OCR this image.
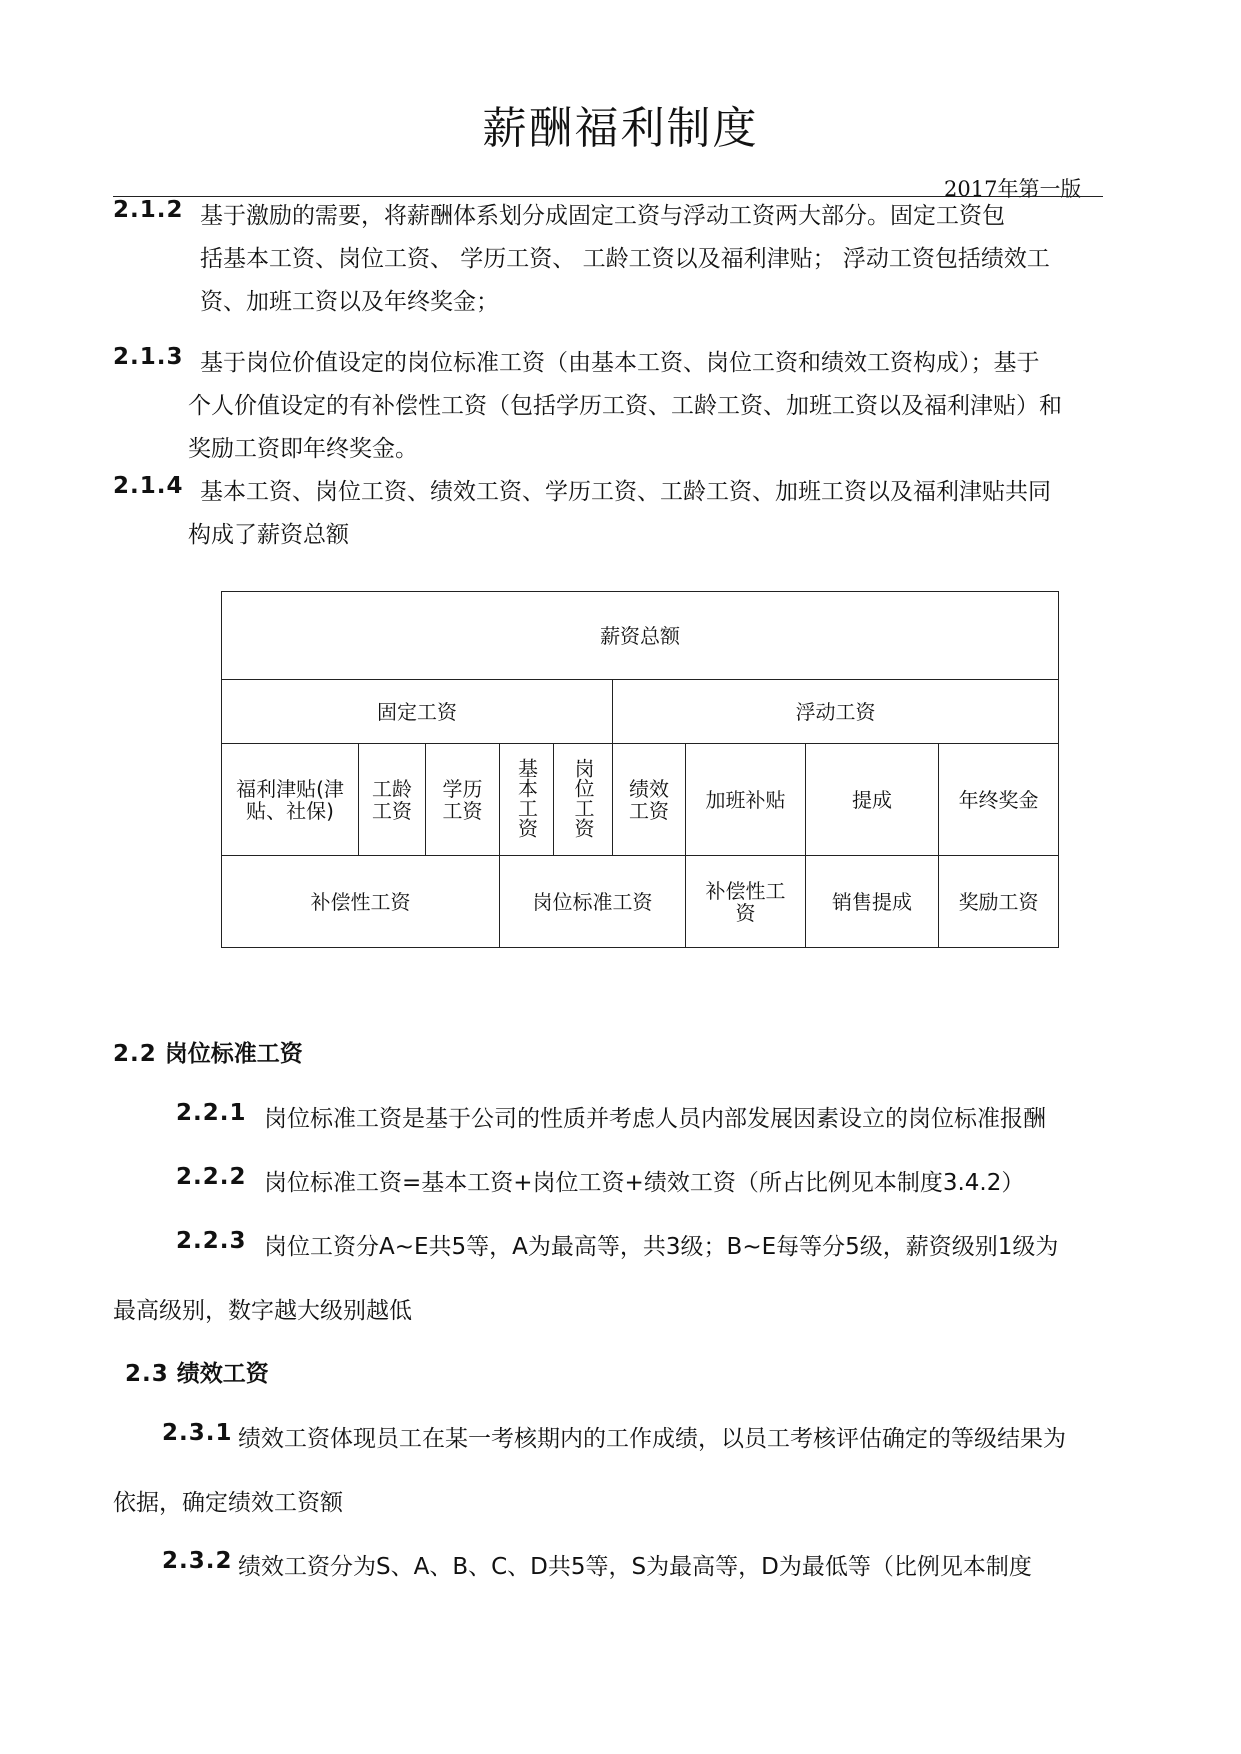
薪酬福利制度
2017年第一版
2.1.2 基于激励的需要，将薪酬体系划分成固定工资与浮动工资两大部分。固定工资包
括基本工资、岗位工资、 学历工资、 工龄工资以及福利津贴； 浮动工资包括绩效工
资、加班工资以及年终奖金；
2.1.3 基于岗位价值设定的岗位标准工资（由基本工资、岗位工资和绩效工资构成）；基于
个人价值设定的有补偿性工资（包括学历工资、工龄工资、加班工资以及福利津贴）和
奖励工资即年终奖金。
2.1.4 基本工资、岗位工资、绩效工资、学历工资、工龄工资、加班工资以及福利津贴共同
构成了薪资总额
薪资总额								
固定工资					浮动工资			
福利津贴(津贴、社保)	工龄工资	学历工资	基本工资	岗位工资	绩效工资	加班补贴	提成	年终奖金
补偿性工资			岗位标准工资			补偿性工资	销售提成	奖励工资
2.2 岗位标准工资
2.2.1 岗位标准工资是基于公司的性质并考虑人员内部发展因素设立的岗位标准报酬
2.2.2 岗位标准工资=基本工资+岗位工资+绩效工资（所占比例见本制度3.4.2）
2.2.3 岗位工资分A~E共5等，A为最高等，共3级；B~E每等分5级，薪资级别1级为
最高级别，数字越大级别越低
2.3 绩效工资
2.3.1 绩效工资体现员工在某一考核期内的工作成绩，以员工考核评估确定的等级结果为
依据，确定绩效工资额
2.3.2 绩效工资分为S、A、B、C、D共5等，S为最高等，D为最低等（比例见本制度
